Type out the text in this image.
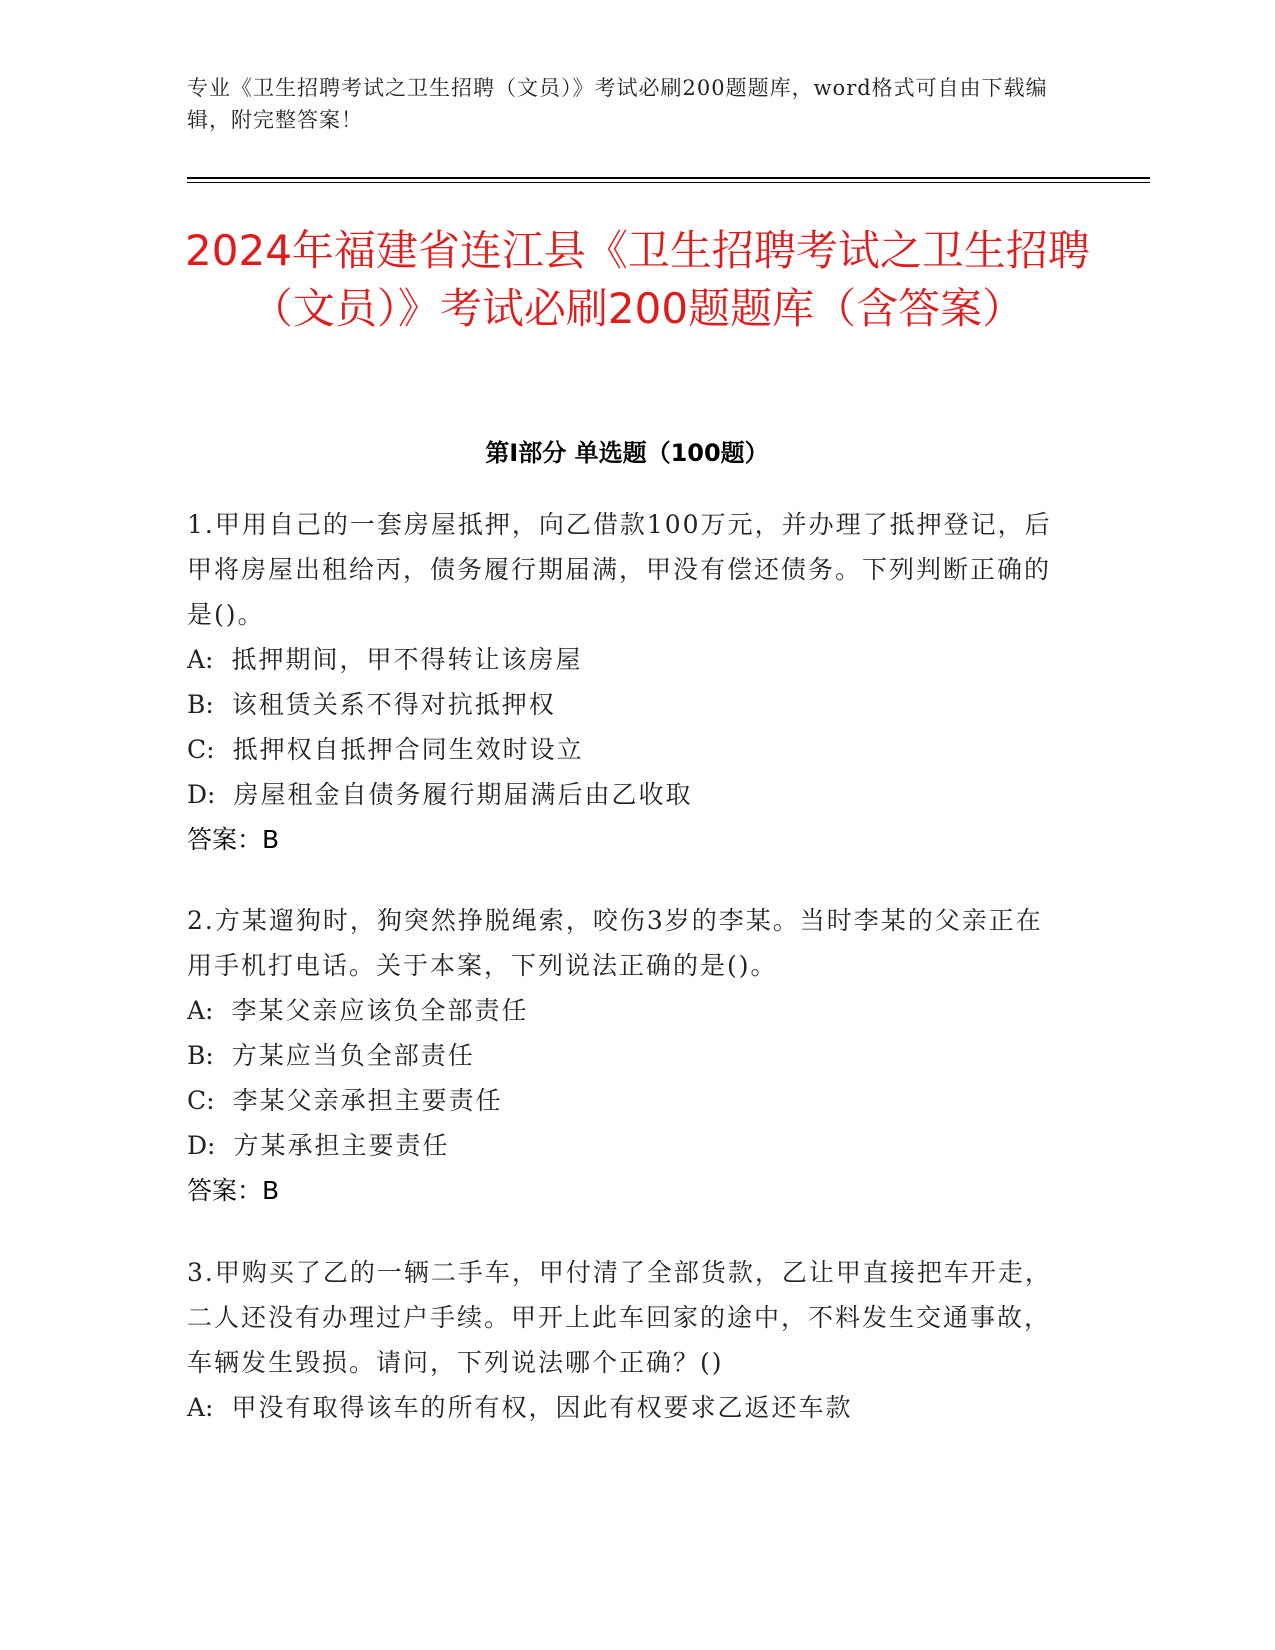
专业《卫生招聘考试之卫生招聘（文员）》考试必刷200题题库，word格式可自由下载编辑，附完整答案！
2024年福建省连江县《卫生招聘考试之卫生招聘（文员）》考试必刷200题题库（含答案）
第I部分 单选题（100题）

1.甲用自己的一套房屋抵押，向乙借款100万元，并办理了抵押登记，后甲将房屋出租给丙，债务履行期届满，甲没有偿还债务。下列判断正确的是()。

A: 抵押期间，甲不得转让该房屋

B: 该租赁关系不得对抗抵押权

C: 抵押权自抵押合同生效时设立

D: 房屋租金自债务履行期届满后由乙收取

答案：B

2.方某遛狗时，狗突然挣脱绳索，咬伤3岁的李某。当时李某的父亲正在用手机打电话。关于本案，下列说法正确的是()。

A: 李某父亲应该负全部责任

B: 方某应当负全部责任

C: 李某父亲承担主要责任

D: 方某承担主要责任

答案：B

3.甲购买了乙的一辆二手车，甲付清了全部货款，乙让甲直接把车开走，二人还没有办理过户手续。甲开上此车回家的途中，不料发生交通事故，车辆发生毁损。请问，下列说法哪个正确？()

A: 甲没有取得该车的所有权，因此有权要求乙返还车款
